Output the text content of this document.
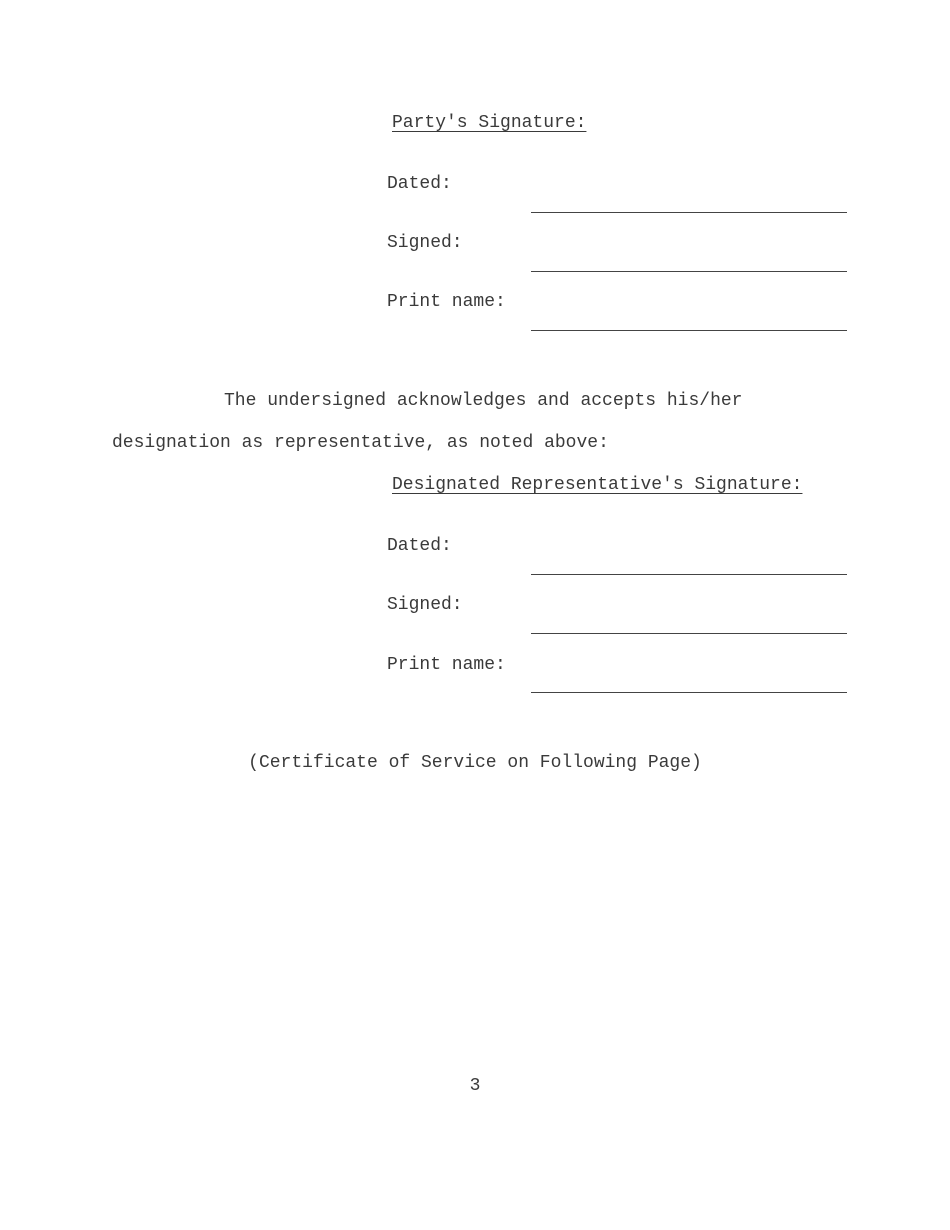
Party's Signature:
Dated:
Signed:
Print name:
The undersigned acknowledges and accepts his/her
designation as representative, as noted above:
Designated Representative's Signature:
Dated:
Signed:
Print name:
(Certificate of Service on Following Page)
3
